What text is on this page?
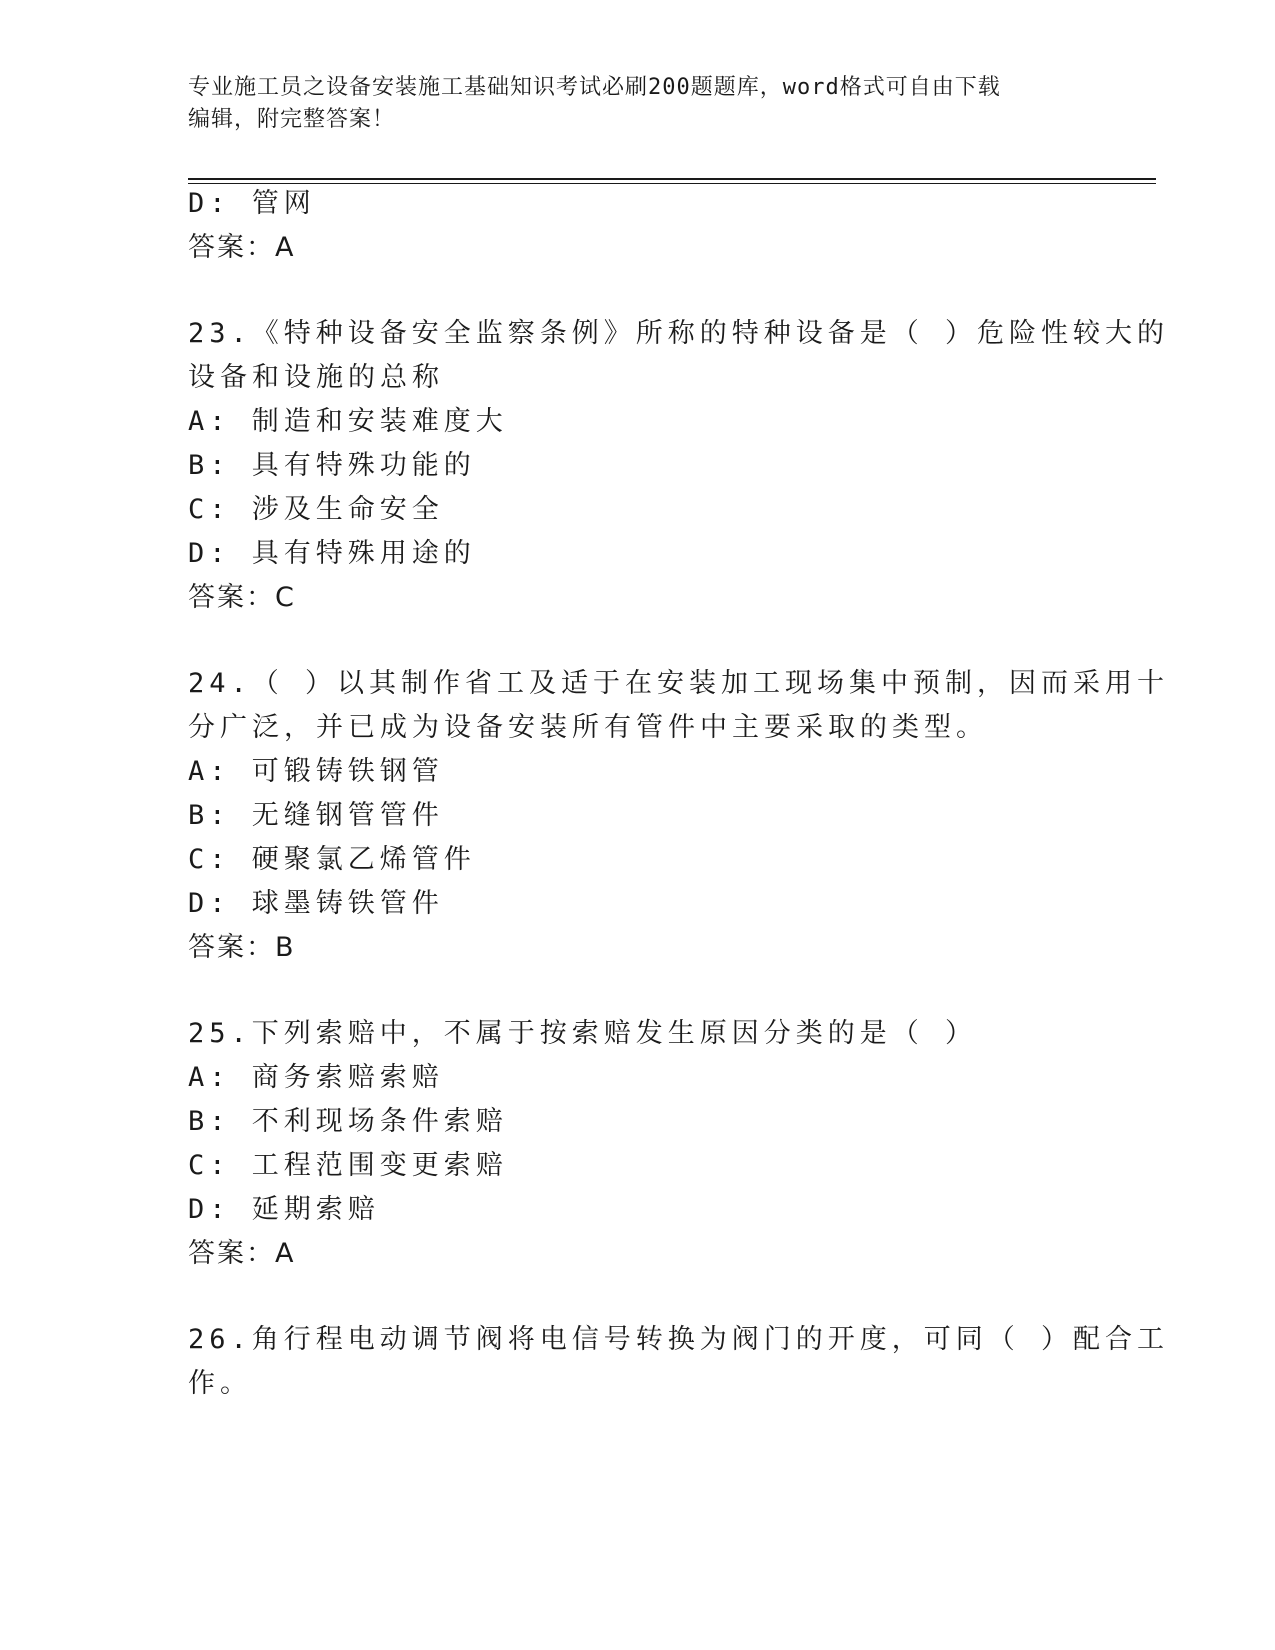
专业施工员之设备安装施工基础知识考试必刷200题题库，word格式可自由下载
编辑，附完整答案！
D: 管网
答案：A
23.《特种设备安全监察条例》所称的特种设备是（ ）危险性较大的
设备和设施的总称
A: 制造和安装难度大
B: 具有特殊功能的
C: 涉及生命安全
D: 具有特殊用途的
答案：C
24.（ ）以其制作省工及适于在安装加工现场集中预制，因而采用十
分广泛，并已成为设备安装所有管件中主要采取的类型。
A: 可锻铸铁钢管
B: 无缝钢管管件
C: 硬聚氯乙烯管件
D: 球墨铸铁管件
答案：B
25.下列索赔中，不属于按索赔发生原因分类的是（ ）
A: 商务索赔索赔
B: 不利现场条件索赔
C: 工程范围变更索赔
D: 延期索赔
答案：A
26.角行程电动调节阀将电信号转换为阀门的开度，可同（ ）配合工
作。
